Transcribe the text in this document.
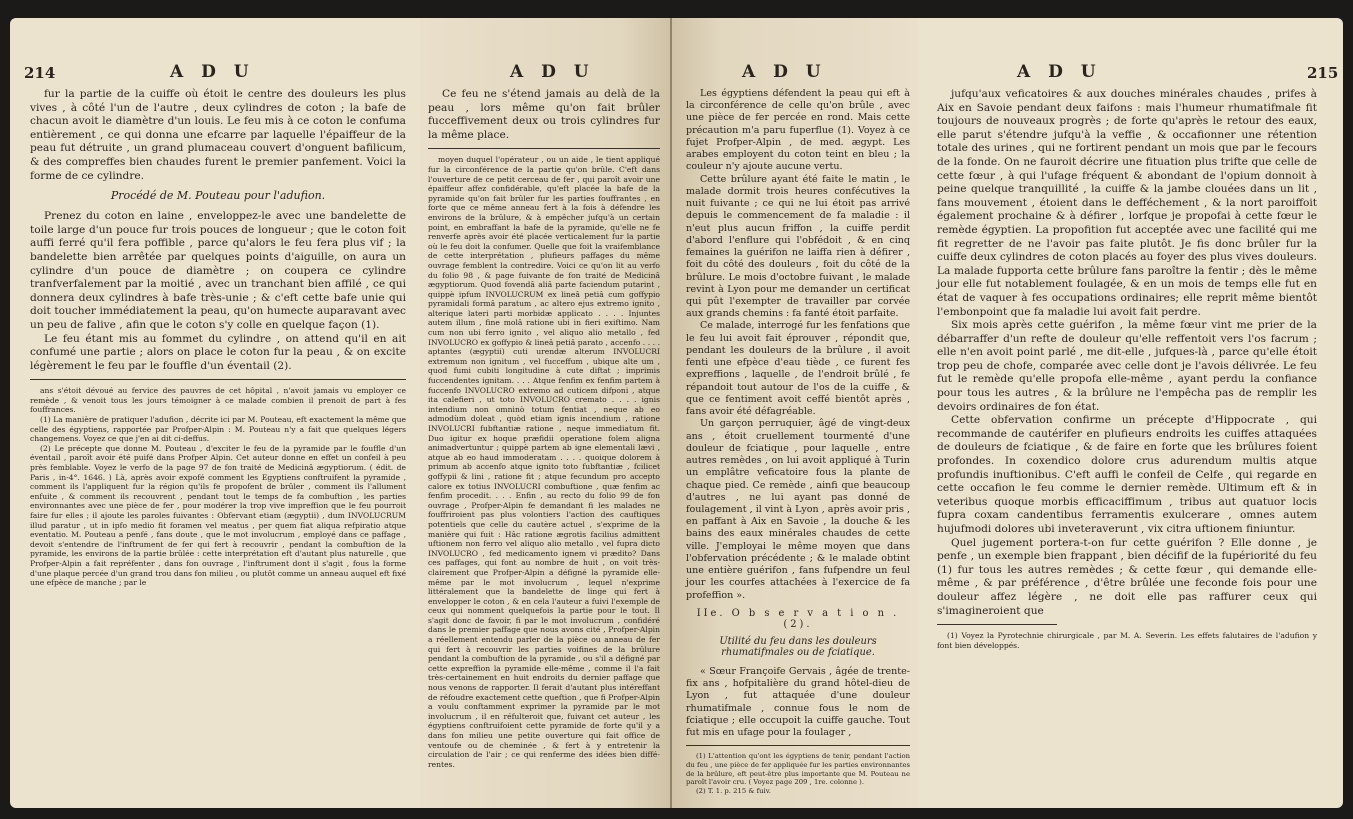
214	A D U

fur la partie de la cuiffe où étoit le centre des douleurs les plus vives , à côté l'un de l'autre , deux cylindres de coton ; la bafe de chacun avoit le diamètre d'un louis. Le feu mis à ce coton le confuma entièrement , ce qui donna une efcarre par laquelle l'épaiffeur de la peau fut détruite , un grand plumaceau couvert d'onguent bafilicum, & des compreffes bien chaudes furent le premier panfement. Voici la forme de ce cylindre.

Procédé de M. Pouteau pour l'adufion.

Prenez du coton en laine , enveloppez-le avec une bandelette de toile large d'un pouce fur trois pouces de longueur ; que le coton foit auffi ferré qu'il fera poffible , parce qu'alors le feu fera plus vif ; la bandelette bien arrêtée par quelques points d'aiguille, on aura un cylindre d'un pouce de diamètre ; on coupera ce cylindre tranfverfalement par la moitié , avec un tranchant bien affilé , ce qui donnera deux cylindres à bafe très-unie ; & c'eft cette bafe unie qui doit toucher immédiatement la peau, qu'on humecte auparavant avec un peu de falive , afin que le coton s'y colle en quelque façon (1).

Le feu étant mis au fommet du cylindre , on attend qu'il en ait confumé une partie ; alors on place le coton fur la peau , & on excite légèrement le feu par le fouffle d'un éventail (2).

ans s'étoit dévoué au fervice des pauvres de cet hôpital , n'avoit jamais vu employer ce remède , & venoit tous les jours témoigner à ce malade combien il prenoit de part à fes fouffrances.

(1) La manière de pratiquer l'adufion , décrite ici par M. Pouteau, eft exactement la même que celle des égyptiens, rapportée par Profper-Alpin : M. Pouteau n'y a fait que quelques légers changemens. Voyez ce que j'en ai dit ci-deffus.

(2) Le précepte que donne M. Pouteau , d'exciter le feu de la pyramide par le fouffle d'un éventail , paroît avoir été puifé dans Profper Alpin. Cet auteur donne en effet un confeil à peu près femblable. Voyez le verfo de la page 97 de fon traité de Medicinâ ægyptiorum. ( édit. de Paris , in-4°. 1646. ) Là, après avoir expofé comment les Egyptiens conftruifent la pyramide , comment ils l'appliquent fur la région qu'ils fe propofent de brûler , comment ils l'allument enfuite , & comment ils recouvrent , pendant tout le temps de fa combuftion , les parties environnantes avec une pièce de fer , pour modérer la trop vive impreffion que le feu pourroit faire fur elles ; il ajoute les paroles fuivantes : Obfervant etiam (ægyptii) , dum INVOLUCRUM illud paratur , ut in ipfo medio fit foramen vel meatus , per quem fiat aliqua refpiratio atque eventatio. M. Pouteau a penfé , fans doute , que le mot involucrum , employé dans ce paffage , devoit s'entendre de l'inftrument de fer qui fert à recouvrir , pendant la combuftion de la pyramide, les environs de la partie brûlée : cette interprétation eft d'autant plus naturelle , que Profper-Alpin a fait repréfenter , dans fon ouvrage , l'inftrument dont il s'agit , fous la forme d'une plaque percée d'un grand trou dans fon milieu , ou plutôt comme un anneau auquel eft fixé une efpèce de manche ; par le

A D U

Ce feu ne s'étend jamais au delà de la peau , lors même qu'on fait brûler fucceffivement deux ou trois cylindres fur la même place.

moyen duquel l'opérateur , ou un aide , le tient appliqué fur la circonférence de la partie qu'on brûle. C'eft dans l'ouverture de ce petit cerceau de fer , qui paroît avoir une épaiffeur affez confidérable, qu'eft placée la bafe de la pyramide qu'on fait brûler fur les parties fouffrantes , en forte que ce même anneau fert à la fois à défendre les environs de la brûlure, & à empêcher jufqu'à un certain point, en embraffant la bafe de la pyramide, qu'elle ne fe renverfe après avoir été placée verticalement fur la partie où le feu doit la confumer. Quelle que foit la vraifemblance de cette interprétation , plufieurs paffages du même ouvrage femblent la contredire. Voici ce qu'on lit au verfo du folio 98 , & page fuivante de fon traité de Medicinâ ægyptiorum. Quod fovendâ aliâ parte faciendum putarint , quippè ipfum INVOLUCRUM ex lineâ petiâ cum goffypio pyramidali formâ paratum , ac altero ejus extremo ignito , alterique lateri parti morbidæ applicato . . . . Injuntes autem illum , fine molâ ratione ubi in fieri exiftimo. Nam cum non ubi ferro ignito , vel aliquo alio metallo , fed INVOLUCRO ex goffypio & lineâ petiâ parato , accenfo . . . . aptantes (ægyptii) cuti urendæ alterum INVOLUCRI extremum non ignitum , vel fucceffum , ubique alte um , quod fumi cubiti longitudine à cute diftat ; imprimis fuccendentes ignitam. . . . Atque fenfim ex fenfim partem à fuccenfo INVOLUCRO extremo ad cuticem difponi , atque ita calefieri , ut toto INVOLUCRO cremato . . . . ignis intendium non omninò totum fentiat , neque ab eo admodùm doleat , quòd etiam ignis incendium , ratione INVOLUCRI fubftantiæ ratione , neque immediatum fit. Duo igitur ex hoque præfidii operatione folem aligna animadvertuntur ; quippè partem ab igne elementali lævi , atque ab eo haud immoderatam . . . . quoique dolorem à primum ab accenfo atque ignito toto fubftantiæ , fcilicet goffypii & lini , ratione fit ; atque fecundum pro accepto calore ex totius INVOLUCRI combuftione , quæ fenfim ac fenfim procedit. . . . Enfin , au recto du folio 99 de fon ouvrage , Profper-Alpin fe demandant fi les malades ne fouffriroient pas plus volontiers l'action des cauftiques potentiels que celle du cautère actuel , s'exprime de la manière qui fuit : Hâc ratione ægrotis facilius admittent uftionem non ferro vel aliquo alio metallo , vel fupra dicto INVOLUCRO , fed medicamento ignem vi prædito? Dans ces paffages, qui font au nombre de huit , on voit très-clairement que Profper-Alpin a défigné la pyramide elle-même par le mot involucrum , lequel n'exprime littéralement que la bandelette de linge qui fert à envelopper le coton , & en cela l'auteur a fuivi l'exemple de ceux qui nomment quelquefois la partie pour le tout. Il s'agit donc de favoir, fi par le mot involucrum , confidéré dans le premier paffage que nous avons cité , Profper-Alpin a réellement entendu parler de la pièce ou anneau de fer qui fert à recouvrir les parties voifines de la brûlure pendant la combuftion de la pyramide , ou s'il a défigné par cette expreffion la pyramide elle-même , comme il l'a fait très-certainement en huit endroits du dernier paffage que nous venons de rapporter. Il ferait d'autant plus intéreffant de réfoudre exactement cette queftion , que fi Profper-Alpin a voulu conftamment exprimer la pyramide par le mot involucrum , il en réfulteroit que, fuivant cet auteur , les égyptiens conftruifoient cette pyramide de forte qu'il y a dans fon milieu une petite ouverture qui fait office de ventoufe ou de cheminée , & fert à y entretenir la circulation de l'air ; ce qui renferme des idées bien diffé-rentes.

A D U

Les égyptiens défendent la peau qui eft à la circonférence de celle qu'on brûle , avec une pièce de fer percée en rond. Mais cette précaution m'a paru fuperflue (1). Voyez à ce fujet Profper-Alpin , de med. ægypt. Les arabes employent du coton teint en bleu ; la couleur n'y ajoute aucune vertu.

Cette brûlure ayant été faite le matin , le malade dormit trois heures confécutives la nuit fuivante ; ce qui ne lui étoit pas arrivé depuis le commencement de fa maladie : il n'eut plus aucun friffon , la cuiffe perdit d'abord l'enflure qui l'obfédoit , & en cinq femaines la guérifon ne laiffa rien à défirer , foit du côté des douleurs , foit du côté de la brûlure. Le mois d'octobre fuivant , le malade revint à Lyon pour me demander un certificat qui pût l'exempter de travailler par corvée aux grands chemins : fa fanté étoit parfaite.

Ce malade, interrogé fur les fenfations que le feu lui avoit fait éprouver , répondit que, pendant les douleurs de la brûlure , il avoit fenti une efpèce d'eau tiède , ce furent fes expreffions , laquelle , de l'endroit brûlé , fe répandoit tout autour de l'os de la cuiffe , & que ce fentiment avoit ceffé bientôt après , fans avoir été défagréable.

Un garçon perruquier, âgé de vingt-deux ans , étoit cruellement tourmenté d'une douleur de fciatique , pour laquelle , entre autres remèdes , on lui avoit appliqué à Turin un emplâtre veficatoire fous la plante de chaque pied. Ce remède , ainfi que beaucoup d'autres , ne lui ayant pas donné de foulagement , il vint à Lyon , après avoir pris , en paffant à Aix en Savoie , la douche & les bains des eaux minérales chaudes de cette ville. J'employai le même moyen que dans l'obfervation précédente ; & le malade obtint une entière guérifon , fans fufpendre un feul jour les courfes attachées à l'exercice de fa profeffion ».

IIe. O b s e r v a t i o n . (2).
Utilité du feu dans les douleurs rhumatifmales ou de fciatique.

« Sœur Françoife Gervais , âgée de trente-fix ans , hofpitalière du grand hôtel-dieu de Lyon , fut attaquée d'une douleur rhumatifmale , connue fous le nom de fciatique ; elle occupoit la cuiffe gauche. Tout fut mis en ufage pour la foulager ,

(1) L'attention qu'ont les égyptiens de tenir, pendant l'action du feu , une pièce de fer appliquée fur les parties environnantes de la brûlure, eft peut-être plus importante que M. Pouteau ne paroît l'avoir cru. ( Voyez page 209 , 1re. colonne ).

(2) T. 1. p. 215 & fuiv.

A D U	215

jufqu'aux veficatoires & aux douches minérales chaudes , prifes à Aix en Savoie pendant deux faifons : mais l'humeur rhumatifmale fit toujours de nouveaux progrès ; de forte qu'après le retour des eaux, elle parut s'étendre jufqu'à la veffie , & occafionner une rétention totale des urines , qui ne fortirent pendant un mois que par le fecours de la fonde. On ne fauroit décrire une fituation plus trifte que celle de cette fœur , à qui l'ufage fréquent & abondant de l'opium donnoit à peine quelque tranquillité , la cuiffe & la jambe clouées dans un lit , fans mouvement , étoient dans le defféchement , & la nort paroiffoit également prochaine & à défirer , lorfque je propofai à cette fœur le remède égyptien. La propofition fut acceptée avec une facilité qui me fit regretter de ne l'avoir pas faite plutôt. Je fis donc brûler fur la cuiffe deux cylindres de coton placés au foyer des plus vives douleurs. La malade fupporta cette brûlure fans paroître la fentir ; dès le même jour elle fut notablement foulagée, & en un mois de temps elle fut en état de vaquer à fes occupations ordinaires; elle reprit même bientôt l'embonpoint que fa maladie lui avoit fait perdre.

Six mois après cette guérifon , la même fœur vint me prier de la débarraffer d'un refte de douleur qu'elle reffentoit vers l'os facrum ; elle n'en avoit point parlé , me dit-elle , jufques-là , parce qu'elle étoit trop peu de chofe, comparée avec celle dont je l'avois délivrée. Le feu fut le remède qu'elle propofa elle-même , ayant perdu la confiance pour tous les autres , & la brûlure ne l'empêcha pas de remplir les devoirs ordinaires de fon état.

Cette obfervation confirme un précepte d'Hippocrate , qui recommande de cautérifer en plufieurs endroits les cuiffes attaquées de douleurs de fciatique , & de faire en forte que les brûlures foient profondes. In coxendico dolore crus adurendum multis atque profundis inuftionibus. C'eft auffi le confeil de Celfe , qui regarde en cette occafion le feu comme le dernier remède. Ultimum eft & in veteribus quoque morbis efficaciffimum , tribus aut quatuor locis fupra coxam candentibus ferramentis exulcerare , omnes autem hujufmodi dolores ubi inveteraverunt , vix citra uftionem finiuntur.

Quel jugement portera-t-on fur cette guérifon ? Elle donne , je penfe , un exemple bien frappant , bien décifif de la fupériorité du feu (1) fur tous les autres remèdes ; & cette fœur , qui demande elle-même , & par préférence , d'être brûlée une feconde fois pour une douleur affez légère , ne doit elle pas raffurer ceux qui s'imagineroient que

(1) Voyez la Pyrotechnie chirurgicale , par M. A. Severin. Les effets falutaires de l'adufion y font bien développés.
